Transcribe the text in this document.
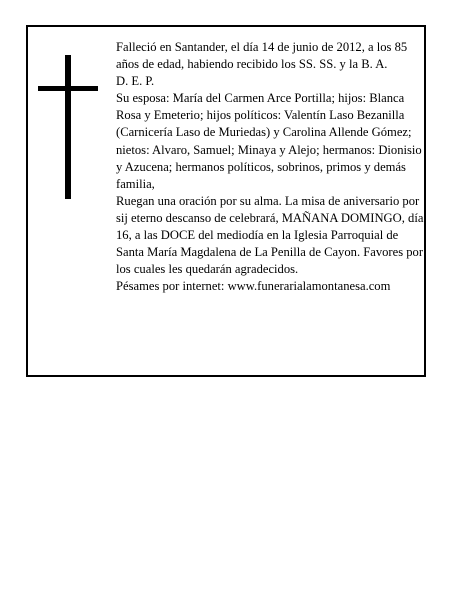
Falleció en Santander, el día 14 de junio de 2012, a los 85 años de edad, habiendo recibido los SS. SS. y la B. A.

D. E. P.

Su esposa: María del Carmen Arce Portilla; hijos: Blanca Rosa y Emeterio; hijos políticos: Valentín Laso Bezanilla (Carnicería Laso de Muriedas) y Carolina Allende Gómez; nietos: Alvaro, Samuel; Minaya y Alejo; hermanos: Dionisio y Azucena; hermanos políticos, sobrinos, primos y demás familia,

Ruegan una oración por su alma. La misa de aniversario por sij eterno descanso de celebrará, MAÑANA DOMINGO, día 16, a las DOCE del mediodía en la Iglesia Parroquial de Santa María Magdalena de La Penilla de Cayon. Favores por los cuales les quedarán agradecidos.

Pésames por internet: www.funerarialamontanesa.com
